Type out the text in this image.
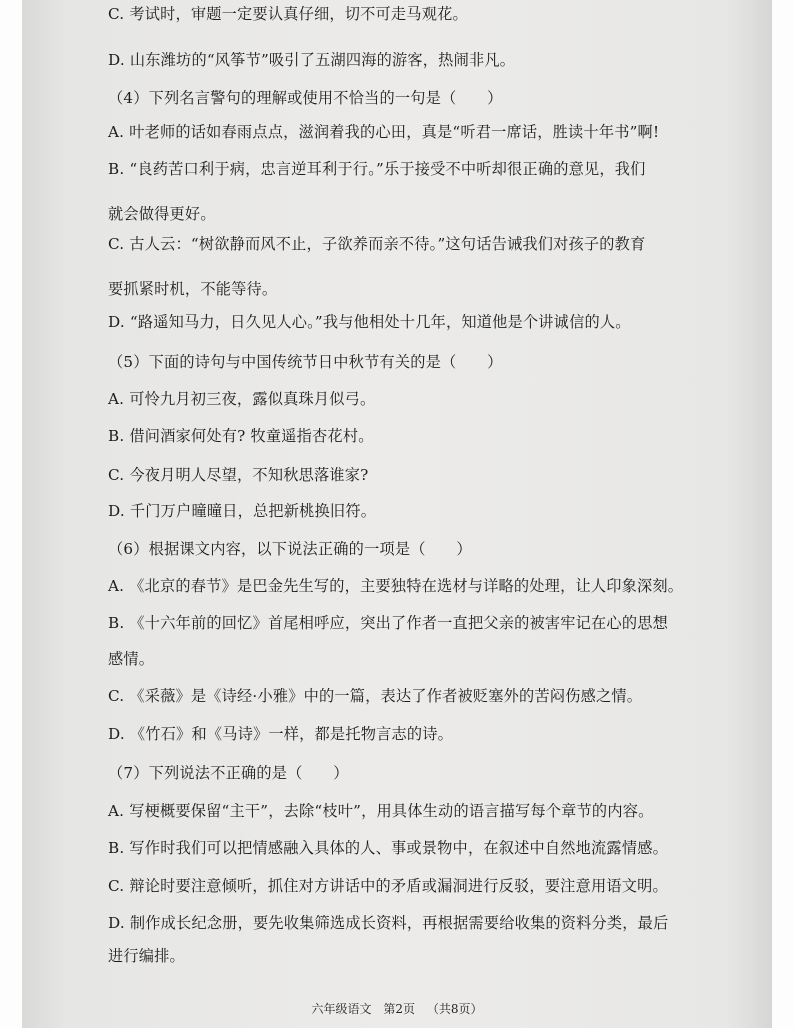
C. 考试时，审题一定要认真仔细，切不可走马观花。
D. 山东潍坊的“风筝节”吸引了五湖四海的游客，热闹非凡。
（4）下列名言警句的理解或使用不恰当的一句是（　　）
A. 叶老师的话如春雨点点，滋润着我的心田，真是“听君一席话，胜读十年书”啊!
B. “良药苦口利于病，忠言逆耳利于行。”乐于接受不中听却很正确的意见，我们
就会做得更好。
C. 古人云：“树欲静而风不止，子欲养而亲不待。”这句话告诫我们对孩子的教育
要抓紧时机，不能等待。
D. “路遥知马力，日久见人心。”我与他相处十几年，知道他是个讲诚信的人。
（5）下面的诗句与中国传统节日中秋节有关的是（　　）
A. 可怜九月初三夜，露似真珠月似弓。
B. 借问酒家何处有? 牧童遥指杏花村。
C. 今夜月明人尽望，不知秋思落谁家?
D. 千门万户曈曈日，总把新桃换旧符。
（6）根据课文内容，以下说法正确的一项是（　　）
A. 《北京的春节》是巴金先生写的，主要独特在选材与详略的处理，让人印象深刻。
B. 《十六年前的回忆》首尾相呼应，突出了作者一直把父亲的被害牢记在心的思想
感情。
C. 《采薇》是《诗经·小雅》中的一篇，表达了作者被贬塞外的苦闷伤感之情。
D. 《竹石》和《马诗》一样，都是托物言志的诗。
（7）下列说法不正确的是（　　）
A. 写梗概要保留“主干”，去除“枝叶”，用具体生动的语言描写每个章节的内容。
B. 写作时我们可以把情感融入具体的人、事或景物中，在叙述中自然地流露情感。
C. 辩论时要注意倾听，抓住对方讲话中的矛盾或漏洞进行反驳，要注意用语文明。
D. 制作成长纪念册，要先收集筛选成长资料，再根据需要给收集的资料分类，最后
进行编排。
六年级语文 第2页 （共8页）
